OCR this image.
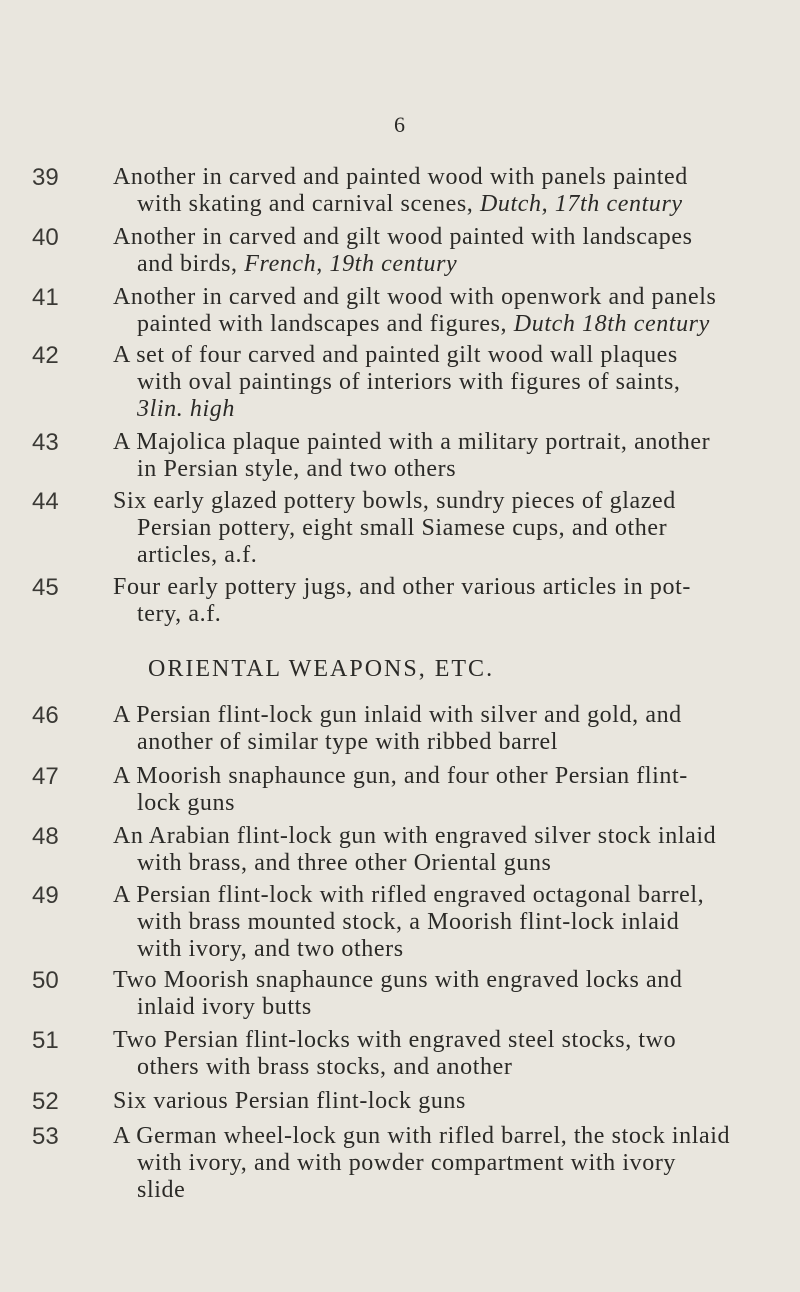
6
39 Another in carved and painted wood with panels painted
with skating and carnival scenes, Dutch, 17th century
40 Another in carved and gilt wood painted with landscapes
and birds, French, 19th century
41 Another in carved and gilt wood with openwork and panels
painted with landscapes and figures, Dutch 18th century
42 A set of four carved and painted gilt wood wall plaques
with oval paintings of interiors with figures of saints,
3lin. high
43 A Majolica plaque painted with a military portrait, another
in Persian style, and two others
44 Six early glazed pottery bowls, sundry pieces of glazed
Persian pottery, eight small Siamese cups, and other
articles, a.f.
45 Four early pottery jugs, and other various articles in pot-
tery, a.f.
ORIENTAL WEAPONS, ETC.
46 A Persian flint-lock gun inlaid with silver and gold, and
another of similar type with ribbed barrel
47 A Moorish snaphaunce gun, and four other Persian flint-
lock guns
48 An Arabian flint-lock gun with engraved silver stock inlaid
with brass, and three other Oriental guns
49 A Persian flint-lock with rifled engraved octagonal barrel,
with brass mounted stock, a Moorish flint-lock inlaid
with ivory, and two others
50 Two Moorish snaphaunce guns with engraved locks and
inlaid ivory butts
51 Two Persian flint-locks with engraved steel stocks, two
others with brass stocks, and another
52 Six various Persian flint-lock guns
53 A German wheel-lock gun with rifled barrel, the stock inlaid
with ivory, and with powder compartment with ivory
slide
